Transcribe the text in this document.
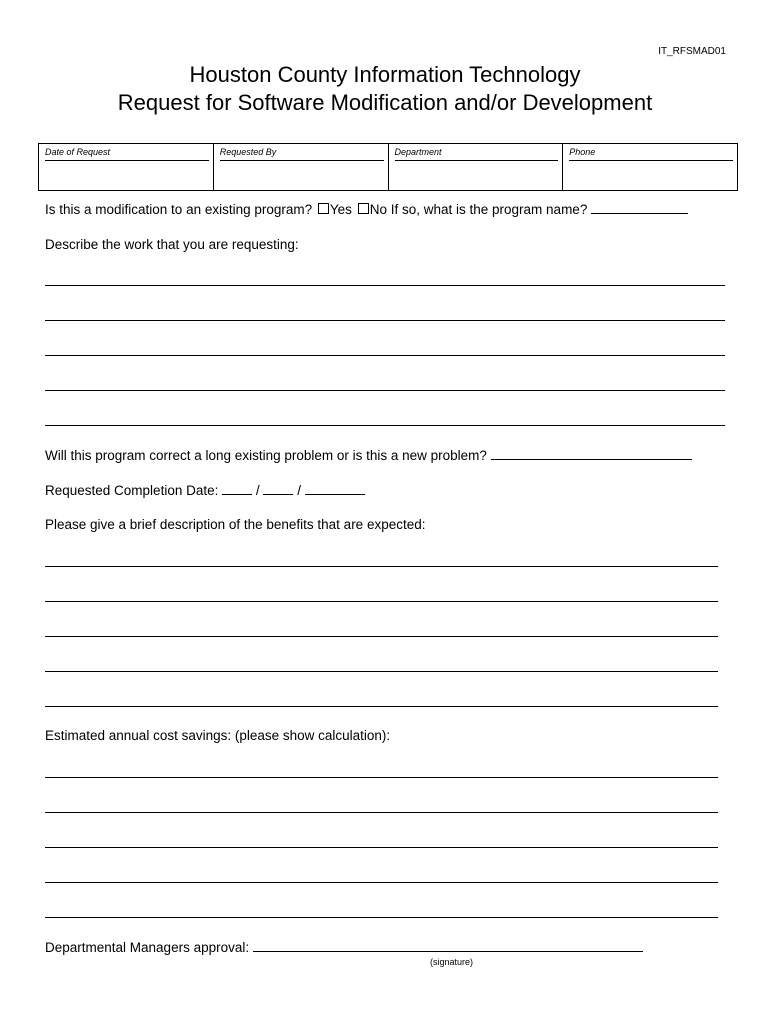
IT_RFSMAD01
Houston County Information Technology
Request for Software Modification and/or Development
Date of Request	Requested By	Department	Phone
Is this a modification to an existing program? Yes No If so, what is the program name?
Describe the work that you are requesting:
Will this program correct a long existing problem or is this a new problem?
Requested Completion Date:	/	/
Please give a brief description of the benefits that are expected:
Estimated annual cost savings: (please show calculation):
Departmental Managers approval:
(signature)
